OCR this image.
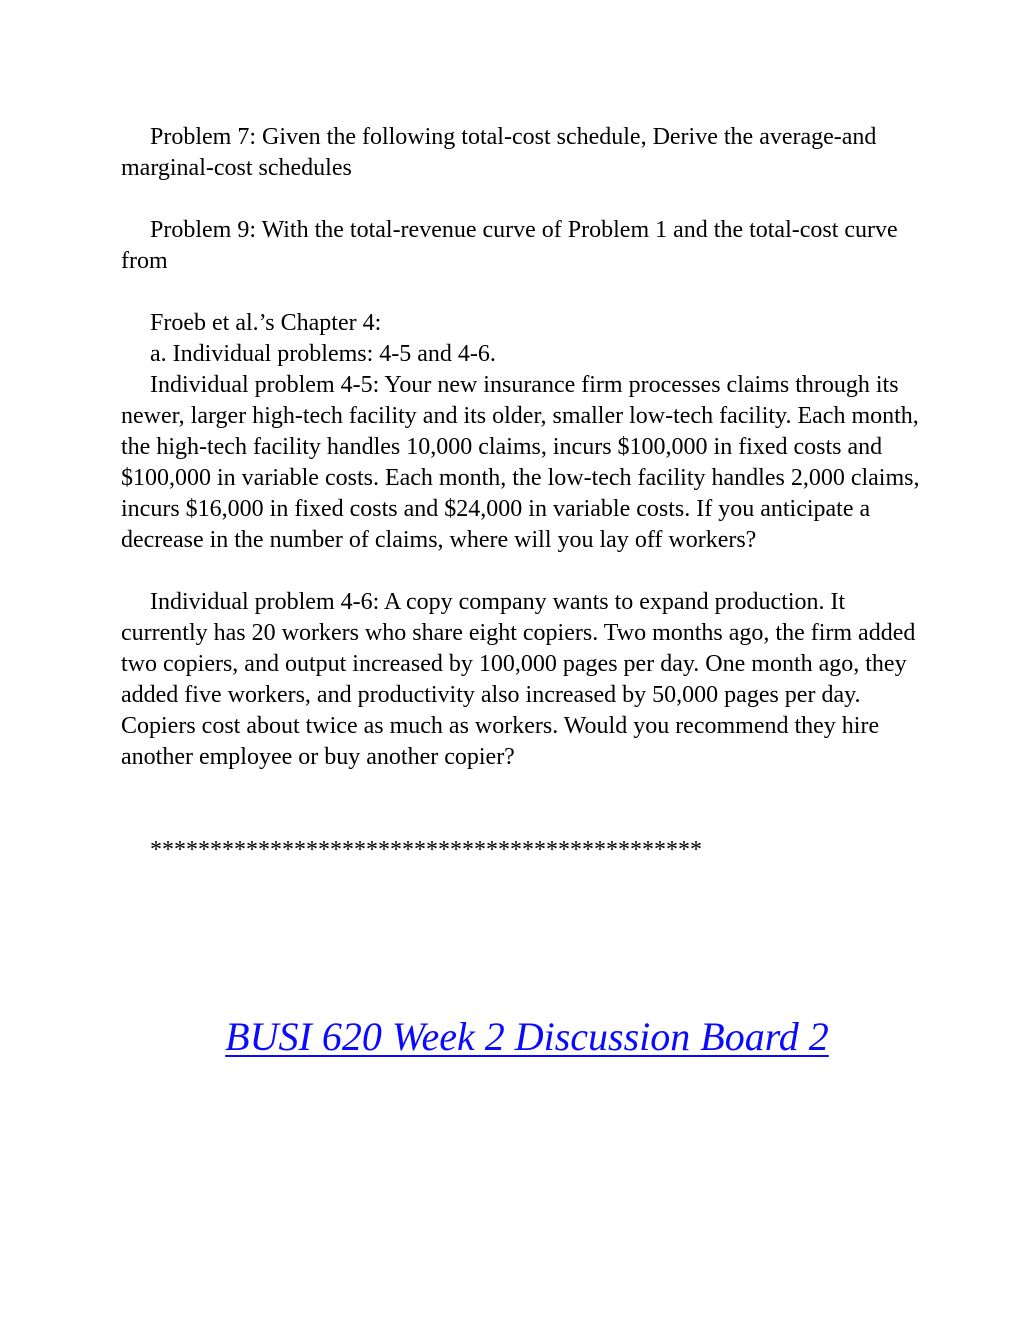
Problem 7: Given the following total-cost schedule, Derive the average-and marginal-cost schedules

Problem 9: With the total-revenue curve of Problem 1 and the total-cost curve from

Froeb et al.’s Chapter 4:

a. Individual problems: 4-5 and 4-6.

Individual problem 4-5: Your new insurance firm processes claims through its newer, larger high-tech facility and its older, smaller low-tech facility. Each month, the high-tech facility handles 10,000 claims, incurs $100,000 in fixed costs and $100,000 in variable costs. Each month, the low-tech facility handles 2,000 claims, incurs $16,000 in fixed costs and $24,000 in variable costs. If you anticipate a decrease in the number of claims, where will you lay off workers?

Individual problem 4-6: A copy company wants to expand production. It currently has 20 workers who share eight copiers. Two months ago, the firm added two copiers, and output increased by 100,000 pages per day. One month ago, they added five workers, and productivity also increased by 50,000 pages per day. Copiers cost about twice as much as workers. Would you recommend they hire another employee or buy another copier?

**********************************************

BUSI 620 Week 2 Discussion Board 2
